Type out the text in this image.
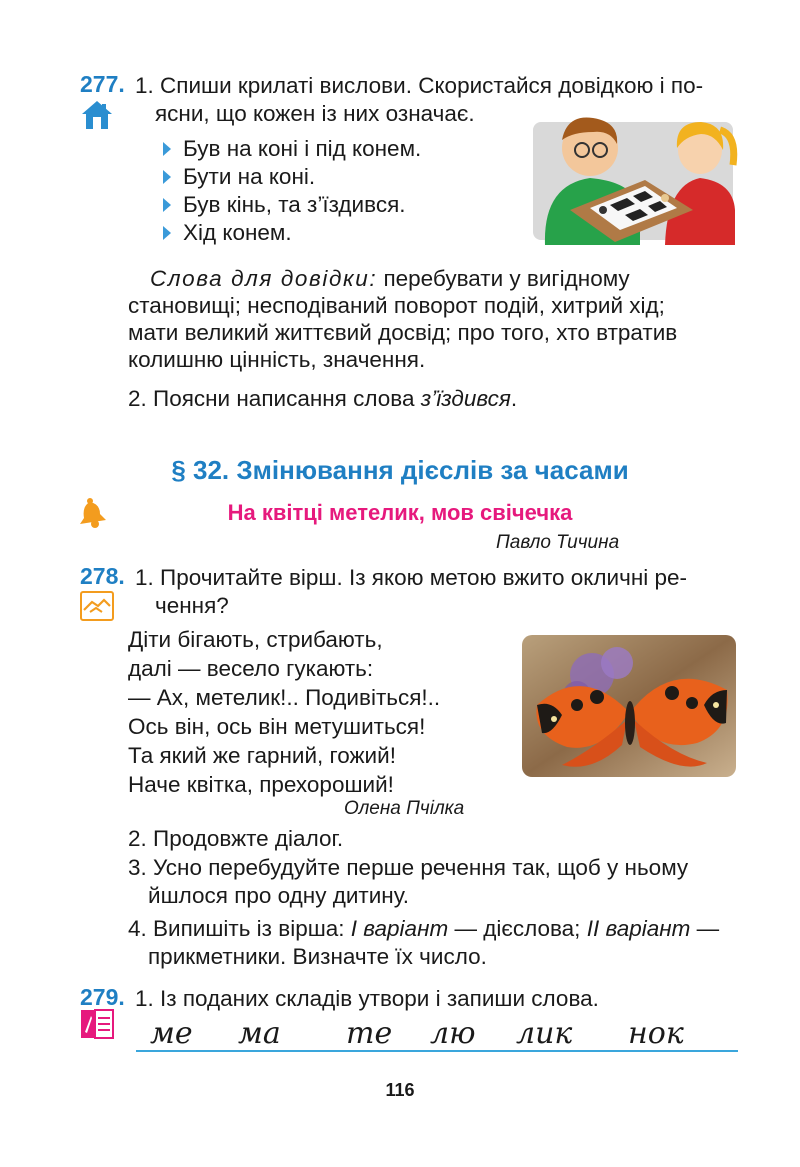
277. 1. Спиши крилаті вислови. Скористайся довідкою і по-
ясни, що кожен із них означає.
Був на коні і під конем.
Бути на коні.
Був кінь, та з’їздився.
Хід конем.
Слова для довідки: перебувати у вигідному
становищі; несподіваний поворот подій, хитрий хід;
мати великий життєвий досвід; про того, хто втратив
колишню цінність, значення.
2. Поясни написання слова з’їздився.
§ 32. Змінювання дієслів за часами
На квітці метелик, мов свічечка
Павло Тичина
278. 1. Прочитайте вірш. Із якою метою вжито окличні ре-
чення?
Діти бігають, стрибають,
далі — весело гукають:
— Ах, метелик!.. Подивіться!..
Ось він, ось він метушиться!
Та який же гарний, гожий!
Наче квітка, прехороший!
Олена Пчілка
2. Продовжте діалог.
3. Усно перебудуйте перше речення так, щоб у ньому
йшлося про одну дитину.
4. Випишіть із вірша: І варіант — дієслова; ІІ варіант —
прикметники. Визначте їх число.
279. 1. Із поданих складів утвори і запиши слова.
ме ма те лю лик нок
116
